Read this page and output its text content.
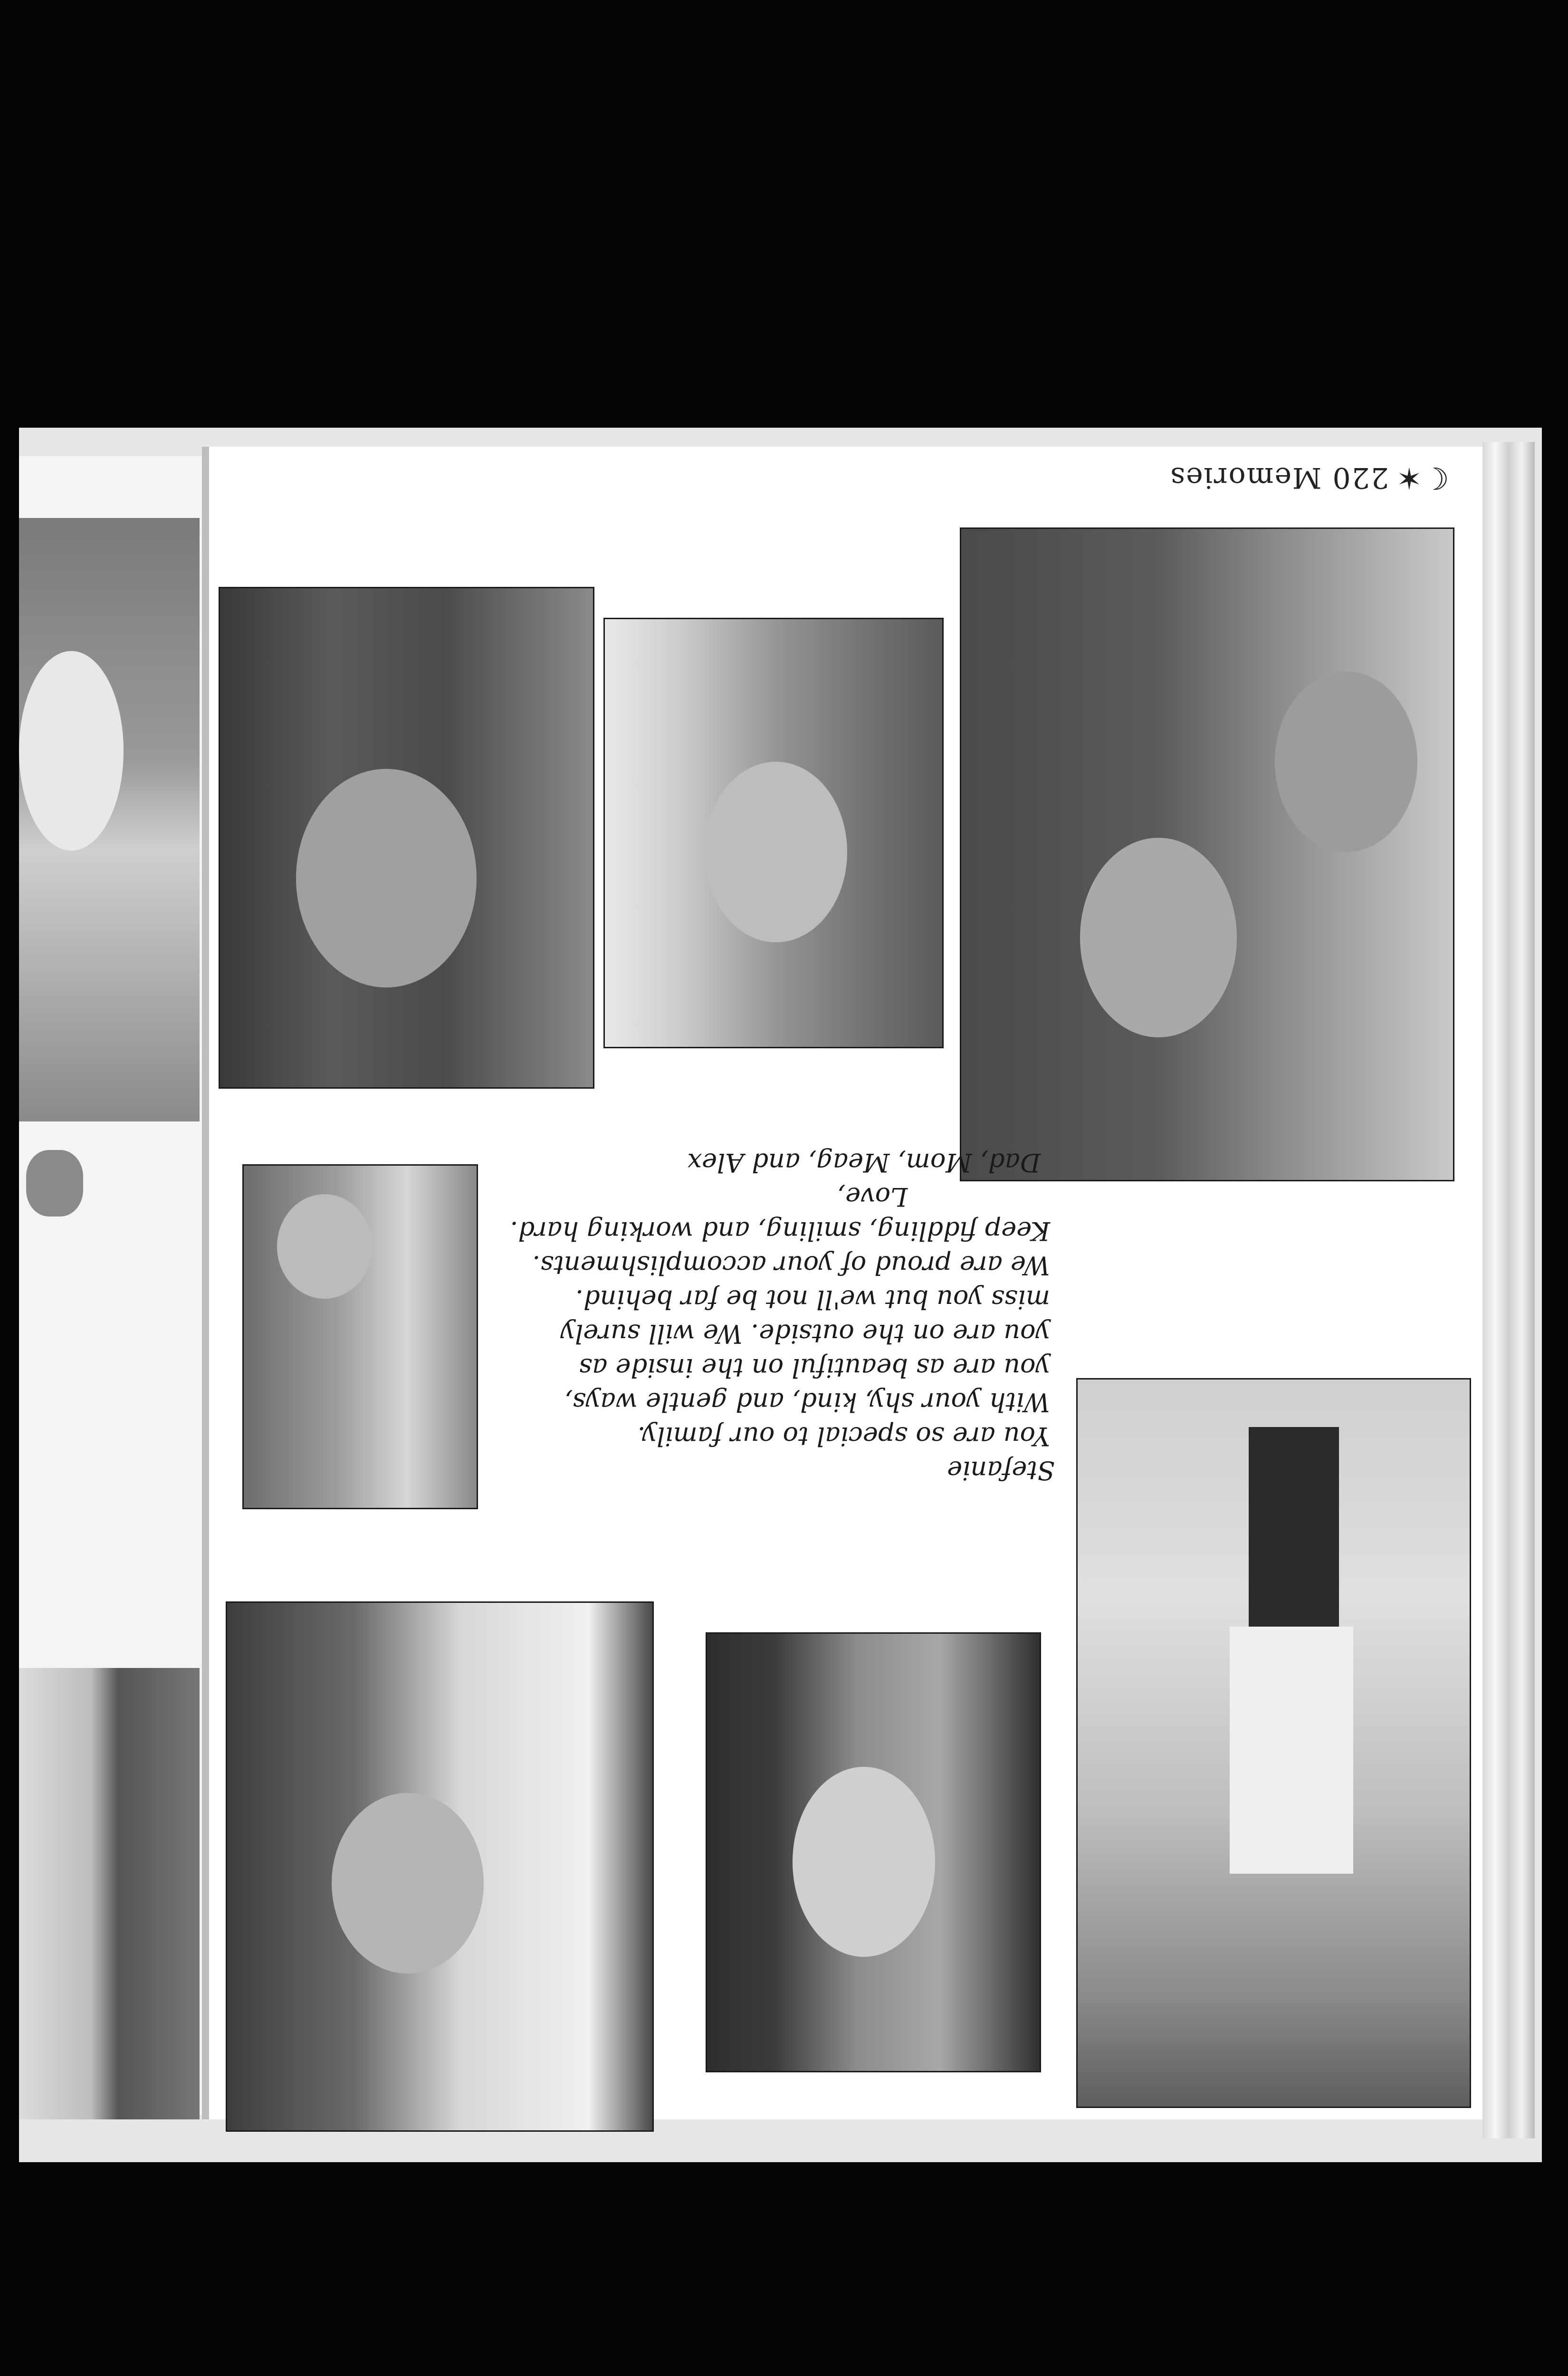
☾✶
220 Memories
Stefanie
You are so special to our family.
With your shy, kind, and gentle ways,
you are as beautiful on the inside as
you are on the outside. We will surely
miss you but we'll not be far behind.
We are proud of your accomplishments.
Keep fiddling, smiling, and working hard.
Love,
Dad, Mom, Meag, and Alex
